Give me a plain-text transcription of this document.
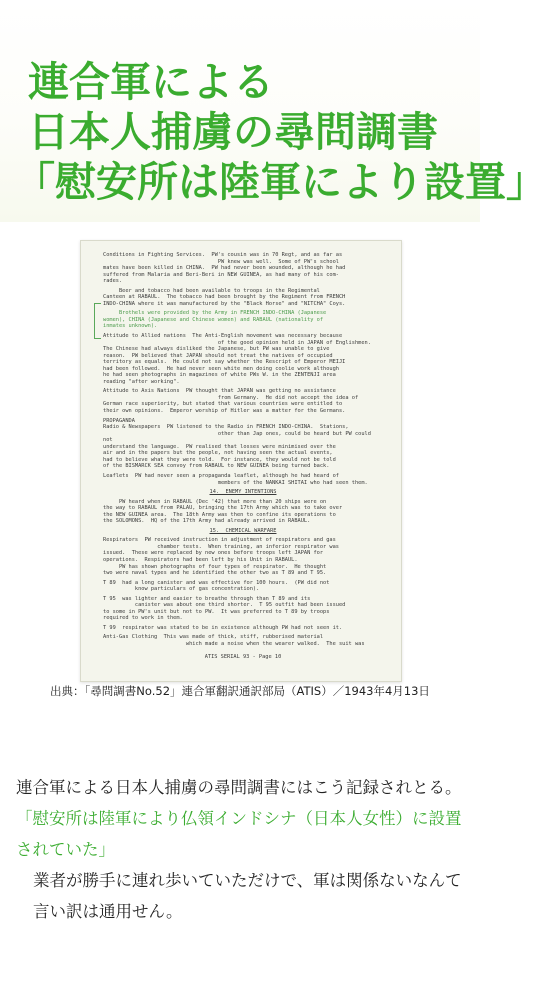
連合軍による
日本人捕虜の尋問調書
「慰安所は陸軍により設置」

Conditions in Fighting Services.  PW's cousin was in 70 Regt, and as far as
PW knew was well.  Some of PW's school
mates have been killed in CHINA.  PW had never been wounded, although he had
suffered from Malaria and Beri-Beri in NEW GUINEA, as had many of his com-
rades.

Beer and tobacco had been available to troops in the Regimental
Canteen at RABAUL.  The tobacco had been brought by the Regiment from FRENCH
INDO-CHINA where it was manufactured by the "Black Horse" and "NITCHA" Coys.

Brothels were provided by the Army in FRENCH INDO-CHINA (Japanese
women), CHINA (Japanese and Chinese women) and RABAUL (nationality of
inmates unknown).

Attitude to Allied nations  The Anti-English movement was necessary because
of the good opinion held in JAPAN of Englishmen.
The Chinese had always disliked the Japanese, but PW was unable to give
reason.  PW believed that JAPAN should not treat the natives of occupied
territory as equals.  He could not say whether the Rescript of Emperor MEIJI
had been followed.  He had never seen white men doing coolie work although
he had seen photographs in magazines of white PWs W. in the ZENTENJI area
reading "after working".

Attitude to Axis Nations  PW thought that JAPAN was getting no assistance
from Germany.  He did not accept the idea of
German race superiority, but stated that various countries were entitled to
their own opinions.  Emperor worship of Hitler was a matter for the Germans.

PROPAGANDA
Radio & Newspapers  PW listened to the Radio in FRENCH INDO-CHINA.  Stations,
other than Jap ones, could be heard but PW could not
understand the language.  PW realised that losses were minimised over the
air and in the papers but the people, not having seen the actual events,
had to believe what they were told.  For instance, they would not be told
of the BISMARCK SEA convoy from RABAUL to NEW GUINEA being turned back.

Leaflets  PW had never seen a propaganda leaflet, although he had heard of
members of the NANKAI SHITAI who had seen them.

14.  ENEMY INTENTIONS

PW heard when in RABAUL (Dec '42) that more than 20 ships were on
the way to RABAUL from PALAU, bringing the 17th Army which was to take over
the NEW GUINEA area.  The 18th Army was then to confine its operations to
the SOLOMONS.  HQ of the 17th Army had already arrived in RABAUL.

15.  CHEMICAL WARFARE

Respirators  PW received instruction in adjustment of respirators and gas
chamber tests.  When training, an inferior respirator was
issued.  These were replaced by new ones before troops left JAPAN for
operations.  Respirators had been left by his Unit in RABAUL.
PW has shown photographs of four types of respirator.  He thought
two were naval types and he identified the other two as T 89 and T 95.

T 89  had a long canister and was effective for 100 hours.  (PW did not
know particulars of gas concentration).

T 95  was lighter and easier to breathe through than T 89 and its
canister was about one third shorter.  T 95 outfit had been issued
to some in PW's unit but not to PW.  It was preferred to T 89 by troops
required to work in them.

T 99  respirator was stated to be in existence although PW had not seen it.

Anti-Gas Clothing  This was made of thick, stiff, rubberised material
which made a noise when the wearer walked.  The suit was

ATIS SERIAL 93 - Page 10

出典：「尋問調書No.52」連合軍翻訳通訳部局（ATIS）／1943年4月13日

連合軍による日本人捕虜の尋問調書にはこう記録されとる。

「慰安所は陸軍により仏領インドシナ（日本人女性）に設置されていた」

業者が勝手に連れ歩いていただけで、軍は関係ないなんて言い訳は通用せん。
